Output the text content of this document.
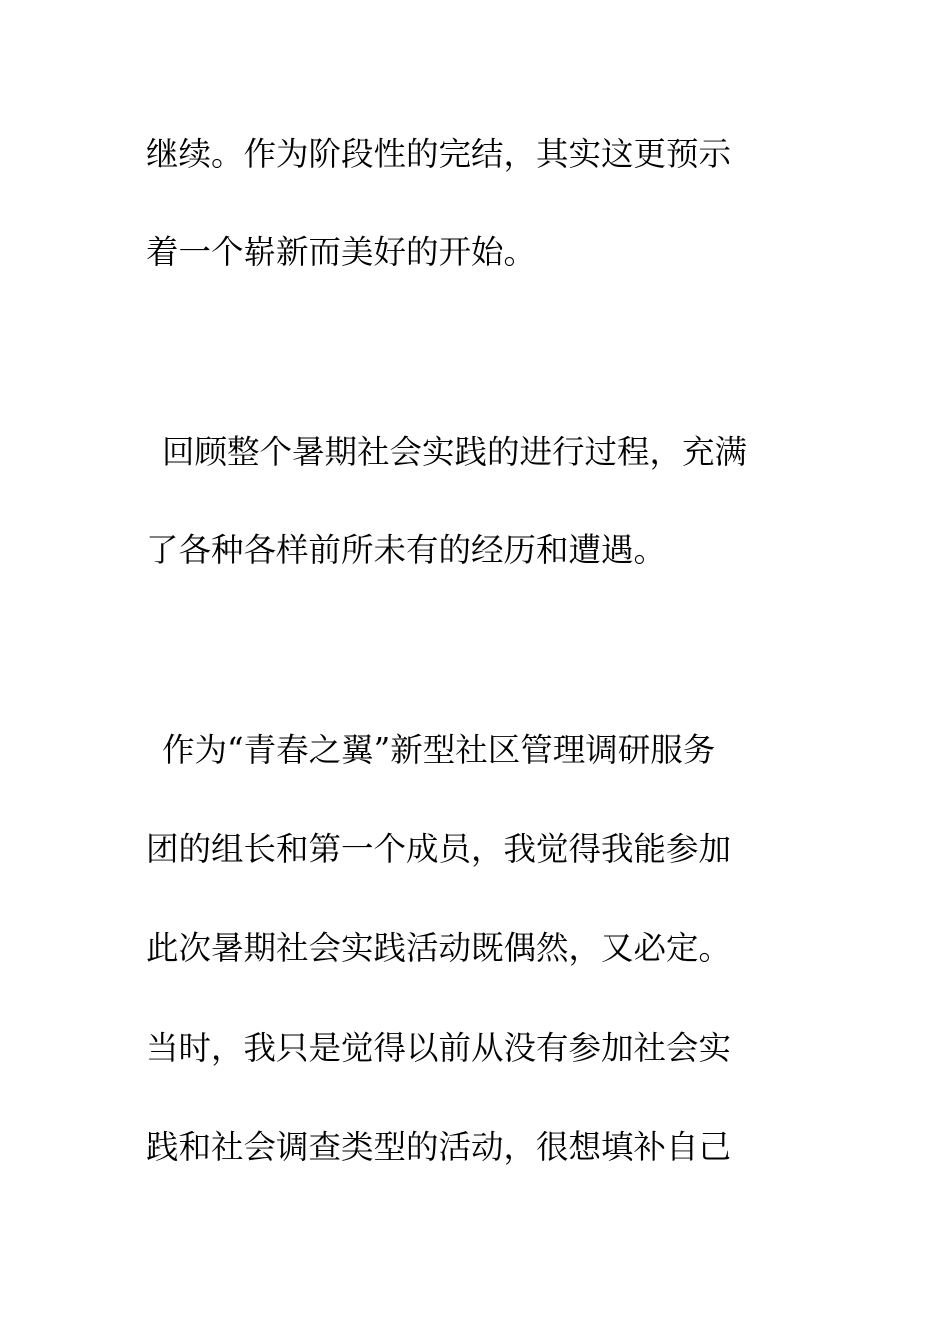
继续。作为阶段性的完结，其实这更预示
着一个崭新而美好的开始。
回顾整个暑期社会实践的进行过程，充满
了各种各样前所未有的经历和遭遇。
作为“青春之翼”新型社区管理调研服务
团的组长和第一个成员，我觉得我能参加
此次暑期社会实践活动既偶然，又必定。
当时，我只是觉得以前从没有参加社会实
践和社会调查类型的活动，很想填补自己
